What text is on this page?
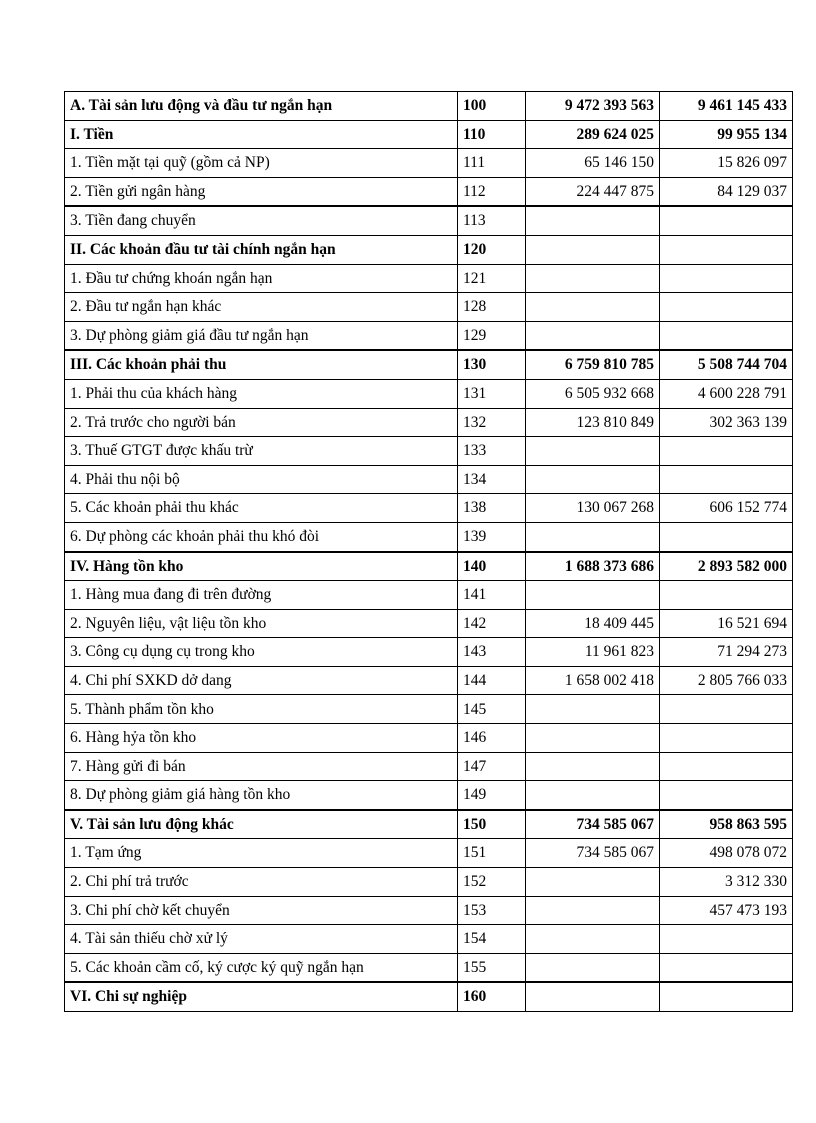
A. Tài sản lưu động và đầu tư ngắn hạn	100	9 472 393 563	9 461 145 433
I. Tiền	110	289 624 025	99 955 134
1. Tiền mặt tại quỹ (gồm cả NP)	111	65 146 150	15 826 097
2. Tiền gửi ngân hàng	112	224 447 875	84 129 037
3. Tiền đang chuyển	113		
II. Các khoản đầu tư tài chính ngắn hạn	120		
1. Đầu tư chứng khoán ngắn hạn	121		
2. Đầu tư ngắn hạn khác	128		
3. Dự phòng giảm giá đầu tư ngắn hạn	129		
III. Các khoản phải thu	130	6 759 810 785	5 508 744 704
1. Phải thu của khách hàng	131	6 505 932 668	4 600 228 791
2. Trả trước cho người bán	132	123 810 849	302 363 139
3. Thuế GTGT được khấu trừ	133		
4. Phải thu nội bộ	134		
5. Các khoản phải thu khác	138	130 067 268	606 152 774
6. Dự phòng các khoản phải thu khó đòi	139		
IV. Hàng tồn kho	140	1 688 373 686	2 893 582 000
1. Hàng mua đang đi trên đường	141		
2. Nguyên liệu, vật liệu tồn kho	142	18 409 445	16 521 694
3. Công cụ dụng cụ trong kho	143	11 961 823	71 294 273
4. Chi phí SXKD dở dang	144	1 658 002 418	2 805 766 033
5. Thành phẩm tồn kho	145		
6. Hàng hỷa tồn kho	146		
7. Hàng gửi đi bán	147		
8. Dự phòng giảm giá hàng tồn kho	149		
V. Tài sản lưu động khác	150	734 585 067	958 863 595
1. Tạm ứng	151	734 585 067	498 078 072
2. Chi phí trả trước	152		3 312 330
3. Chi phí chờ kết chuyển	153		457 473 193
4. Tài sản thiếu chờ xử lý	154		
5. Các khoản cầm cố, ký cược ký quỹ ngắn hạn	155		
VI. Chi sự nghiệp	160		
